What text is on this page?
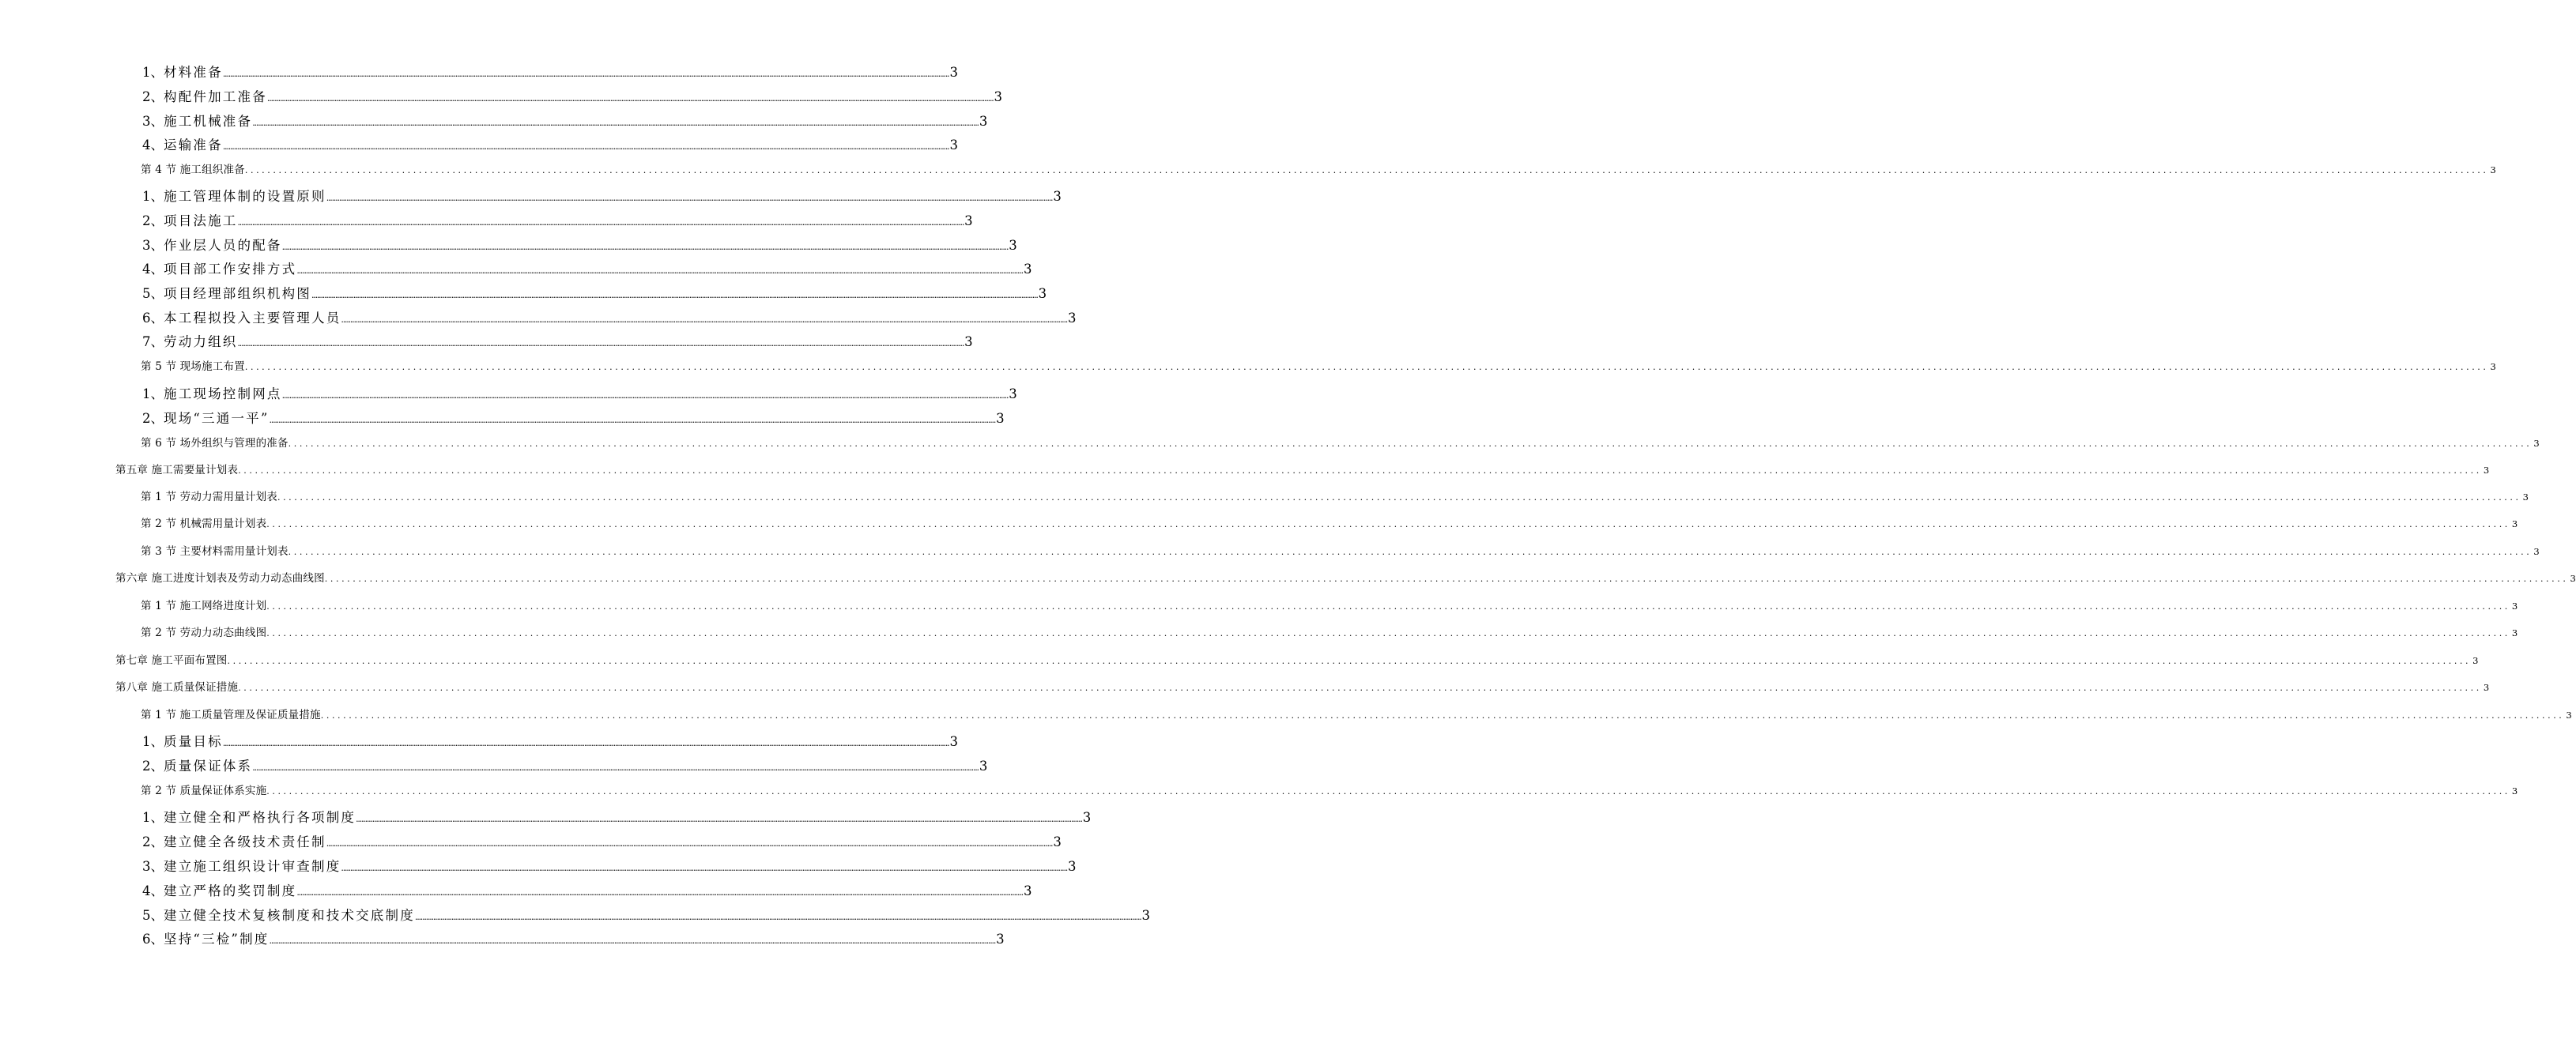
1、 材料准备 ................................................................................................................................................................................................................................................................................................................................................................................................................ 3
2、 构配件加工准备 ................................................................................................................................................................................................................................................................................................................................................................................................................ 3
3、 施工机械准备 ................................................................................................................................................................................................................................................................................................................................................................................................................ 3
4、 运输准备 ................................................................................................................................................................................................................................................................................................................................................................................................................ 3
第 4 节 施工组织准备 ................................................................................................................................................................................................................................................................................................................................................................................................................ 3
1、 施工管理体制的设置原则 ................................................................................................................................................................................................................................................................................................................................................................................................................ 3
2、 项目法施工 ................................................................................................................................................................................................................................................................................................................................................................................................................ 3
3、 作业层人员的配备 ................................................................................................................................................................................................................................................................................................................................................................................................................ 3
4、 项目部工作安排方式 ................................................................................................................................................................................................................................................................................................................................................................................................................ 3
5、 项目经理部组织机构图 ................................................................................................................................................................................................................................................................................................................................................................................................................ 3
6、 本工程拟投入主要管理人员 ................................................................................................................................................................................................................................................................................................................................................................................................................ 3
7、 劳动力组织 ................................................................................................................................................................................................................................................................................................................................................................................................................ 3
第 5 节 现场施工布置 ................................................................................................................................................................................................................................................................................................................................................................................................................ 3
1、 施工现场控制网点 ................................................................................................................................................................................................................................................................................................................................................................................................................ 3
2、 现场“三通一平” ................................................................................................................................................................................................................................................................................................................................................................................................................ 3
第 6 节 场外组织与管理的准备 ................................................................................................................................................................................................................................................................................................................................................................................................................ 3
第五章 施工需要量计划表 ................................................................................................................................................................................................................................................................................................................................................................................................................ 3
第 1 节 劳动力需用量计划表 ................................................................................................................................................................................................................................................................................................................................................................................................................ 3
第 2 节 机械需用量计划表 ................................................................................................................................................................................................................................................................................................................................................................................................................ 3
第 3 节 主要材料需用量计划表 ................................................................................................................................................................................................................................................................................................................................................................................................................ 3
第六章 施工进度计划表及劳动力动态曲线图 ................................................................................................................................................................................................................................................................................................................................................................................................................ 3
第 1 节 施工网络进度计划 ................................................................................................................................................................................................................................................................................................................................................................................................................ 3
第 2 节 劳动力动态曲线图 ................................................................................................................................................................................................................................................................................................................................................................................................................ 3
第七章 施工平面布置图 ................................................................................................................................................................................................................................................................................................................................................................................................................ 3
第八章 施工质量保证措施 ................................................................................................................................................................................................................................................................................................................................................................................................................ 3
第 1 节 施工质量管理及保证质量措施 ................................................................................................................................................................................................................................................................................................................................................................................................................ 3
1、 质量目标 ................................................................................................................................................................................................................................................................................................................................................................................................................ 3
2、 质量保证体系 ................................................................................................................................................................................................................................................................................................................................................................................................................ 3
第 2 节 质量保证体系实施 ................................................................................................................................................................................................................................................................................................................................................................................................................ 3
1、 建立健全和严格执行各项制度 ................................................................................................................................................................................................................................................................................................................................................................................................................ 3
2、 建立健全各级技术责任制 ................................................................................................................................................................................................................................................................................................................................................................................................................ 3
3、 建立施工组织设计审查制度 ................................................................................................................................................................................................................................................................................................................................................................................................................ 3
4、 建立严格的奖罚制度 ................................................................................................................................................................................................................................................................................................................................................................................................................ 3
5、 建立健全技术复核制度和技术交底制度 ................................................................................................................................................................................................................................................................................................................................................................................................................ 3
6、 坚持“三检”制度 ................................................................................................................................................................................................................................................................................................................................................................................................................ 3
